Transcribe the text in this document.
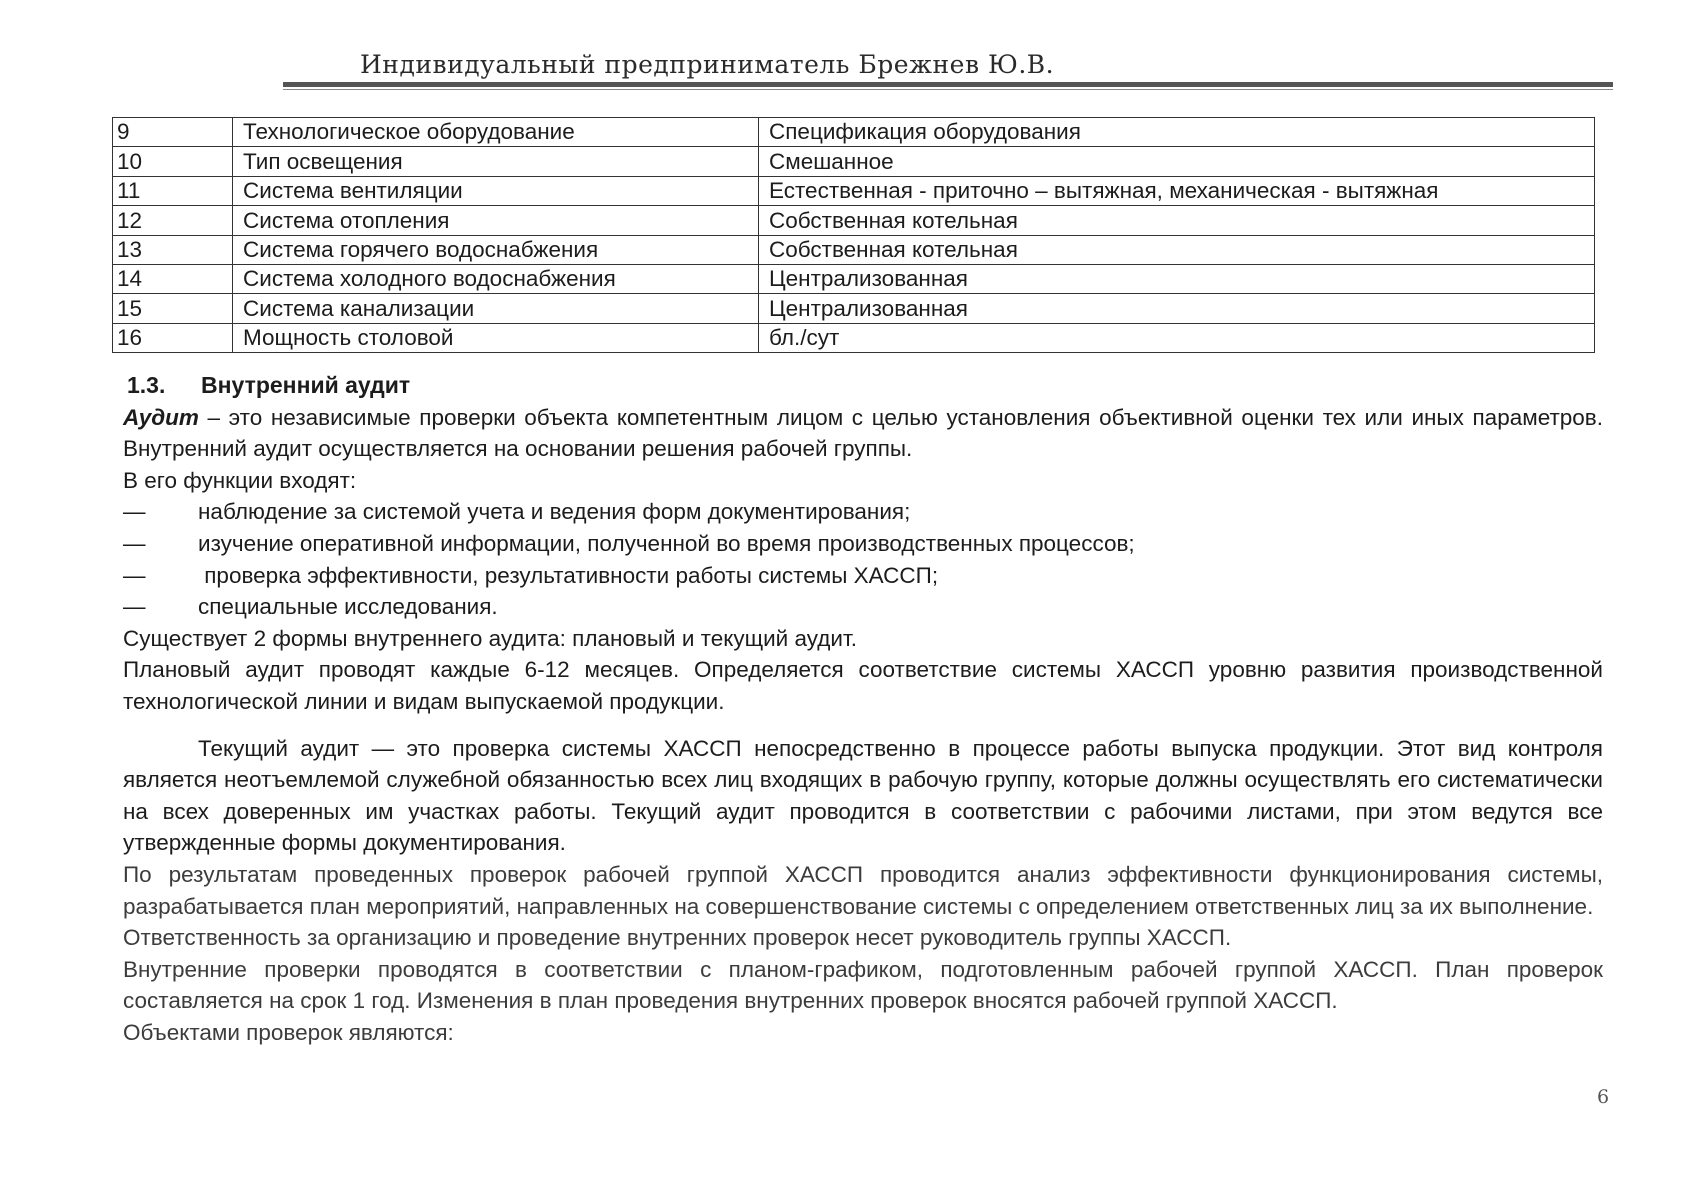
Индивидуальный предприниматель Брежнев Ю.В.
9	Технологическое оборудование	Спецификация оборудования
10	Тип освещения	Смешанное
11	Система вентиляции	Естественная - приточно – вытяжная, механическая - вытяжная
12	Система отопления	Собственная котельная
13	Система горячего водоснабжения	Собственная котельная
14	Система холодного водоснабжения	Централизованная
15	Система канализации	Централизованная
16	Мощность столовой	бл./сут
1.3. Внутренний аудит

Аудит – это независимые проверки объекта компетентным лицом с целью установления объективной оценки тех или иных параметров. Внутренний аудит осуществляется на основании решения рабочей группы.

В его функции входят:

— наблюдение за системой учета и ведения форм документирования;
— изучение оперативной информации, полученной во время производственных процессов;
— проверка эффективности, результативности работы системы ХАССП;
— специальные исследования.

Существует 2 формы внутреннего аудита: плановый и текущий аудит.

Плановый аудит проводят каждые 6-12 месяцев. Определяется соответствие системы ХАССП уровню развития производственной технологической линии и видам выпускаемой продукции.

Текущий аудит — это проверка системы ХАССП непосредственно в процессе работы выпуска продукции. Этот вид контроля является неотъемлемой служебной обязанностью всех лиц входящих в рабочую группу, которые должны осуществлять его систематически на всех доверенных им участках работы. Текущий аудит проводится в соответствии с рабочими листами, при этом ведутся все утвержденные формы документирования.

По результатам проведенных проверок рабочей группой ХАССП проводится анализ эффективности функционирования системы, разрабатывается план мероприятий, направленных на совершенствование системы с определением ответственных лиц за их выполнение.

Ответственность за организацию и проведение внутренних проверок несет руководитель группы ХАССП.

Внутренние проверки проводятся в соответствии с планом-графиком, подготовленным рабочей группой ХАССП. План проверок составляется на срок 1 год. Изменения в план проведения внутренних проверок вносятся рабочей группой ХАССП.

Объектами проверок являются:

6
